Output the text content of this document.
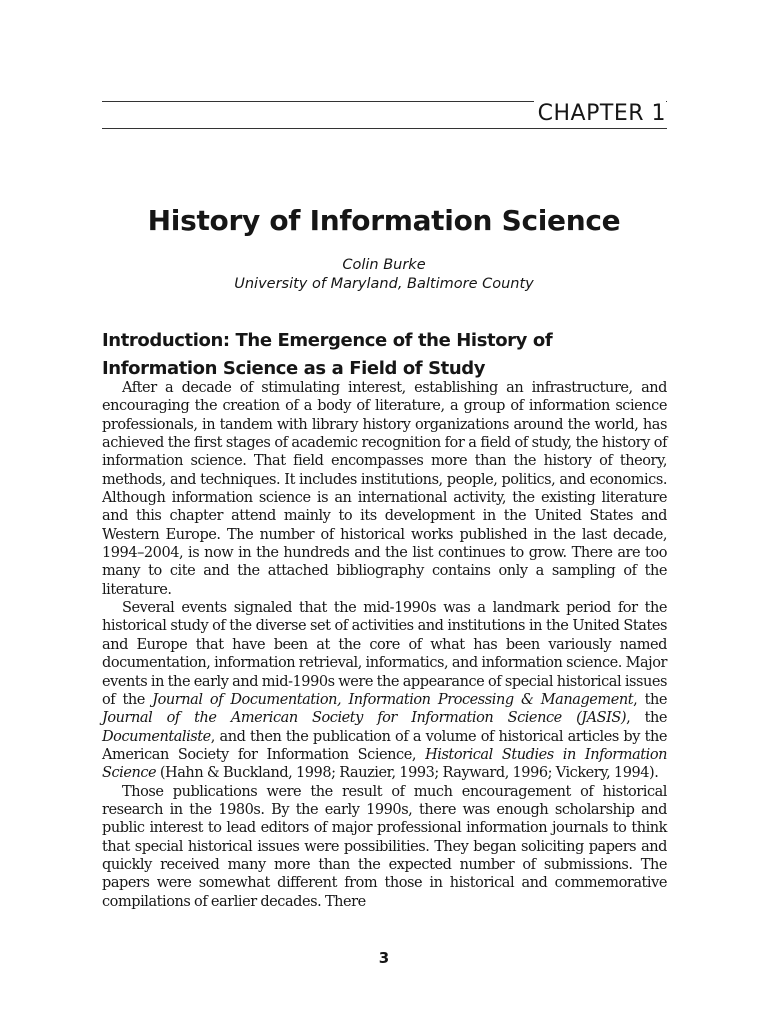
CHAPTER 1
History of Information Science
Colin Burke
University of Maryland, Baltimore County
Introduction: The Emergence of the History of
Information Science as a Field of Study

After a decade of stimulating interest, establishing an infrastructure, and encouraging the creation of a body of literature, a group of information science professionals, in tandem with library history organizations around the world, has achieved the first stages of academic recognition for a field of study, the history of information science. That field encompasses more than the history of theory, methods, and techniques. It includes institutions, people, politics, and economics. Although information science is an international activity, the existing literature and this chapter attend mainly to its development in the United States and Western Europe. The number of historical works published in the last decade, 1994–2004, is now in the hundreds and the list continues to grow. There are too many to cite and the attached bibliography contains only a sampling of the literature.

Several events signaled that the mid-1990s was a landmark period for the historical study of the diverse set of activities and institutions in the United States and Europe that have been at the core of what has been variously named documentation, information retrieval, informatics, and information science. Major events in the early and mid-1990s were the appearance of special historical issues of the Journal of Documentation, Information Processing & Management, the Journal of the American Society for Information Science (JASIS), the Documentaliste, and then the publication of a volume of historical articles by the American Society for Information Science, Historical Studies in Information Science (Hahn & Buckland, 1998; Rauzier, 1993; Rayward, 1996; Vickery, 1994).

Those publications were the result of much encouragement of historical research in the 1980s. By the early 1990s, there was enough scholarship and public interest to lead editors of major professional information journals to think that special historical issues were possibilities. They began soliciting papers and quickly received many more than the expected number of submissions. The papers were somewhat different from those in historical and commemorative compilations of earlier decades. There

3
